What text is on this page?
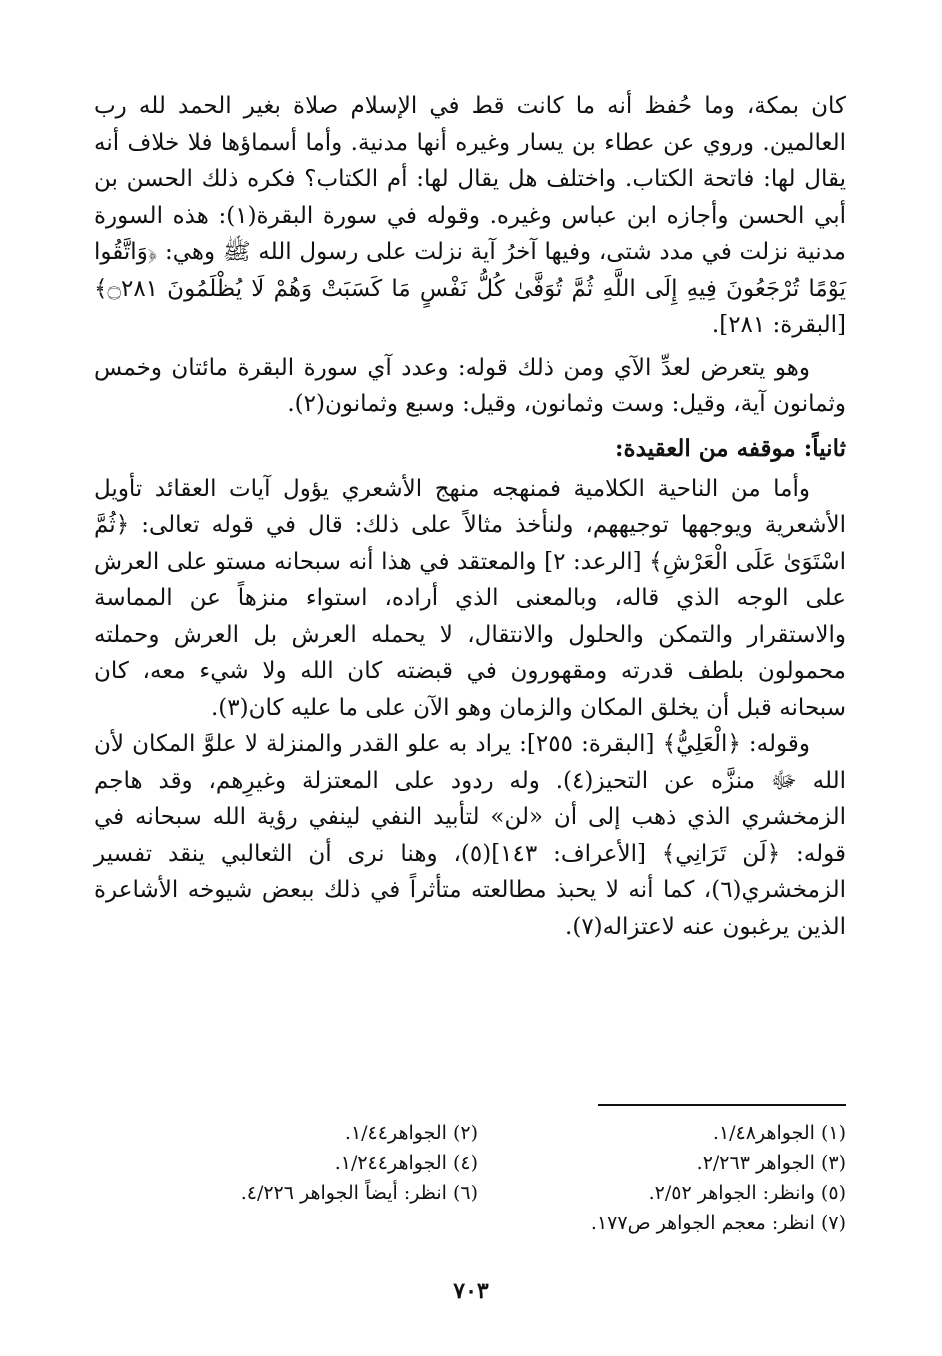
كان بمكة، وما حُفظ أنه ما كانت قط في الإسلام صلاة بغير الحمد لله رب العالمين. وروي عن عطاء بن يسار وغيره أنها مدنية. وأما أسماؤها فلا خلاف أنه يقال لها: فاتحة الكتاب. واختلف هل يقال لها: أم الكتاب؟ فكره ذلك الحسن بن أبي الحسن وأجازه ابن عباس وغيره. وقوله في سورة البقرة(١): هذه السورة مدنية نزلت في مدد شتى، وفيها آخرُ آية نزلت على رسول الله ﷺ وهي: ﴿وَاتَّقُوا يَوْمًا تُرْجَعُونَ فِيهِ إِلَى اللَّهِ ثُمَّ تُوَفَّىٰ كُلُّ نَفْسٍ مَا كَسَبَتْ وَهُمْ لَا يُظْلَمُونَ ۝٢٨١﴾ [البقرة: ٢٨١].

وهو يتعرض لعدِّ الآي ومن ذلك قوله: وعدد آي سورة البقرة مائتان وخمس وثمانون آية، وقيل: وست وثمانون، وقيل: وسبع وثمانون(٢).

ثانياً: موقفه من العقيدة:

وأما من الناحية الكلامية فمنهجه منهج الأشعري يؤول آيات العقائد تأويل الأشعرية ويوجهها توجيههم، ولنأخذ مثالاً على ذلك: قال في قوله تعالى: ﴿ثُمَّ اسْتَوَىٰ عَلَى الْعَرْشِ﴾ [الرعد: ٢] والمعتقد في هذا أنه سبحانه مستو على العرش على الوجه الذي قاله، وبالمعنى الذي أراده، استواء منزهاً عن المماسة والاستقرار والتمكن والحلول والانتقال، لا يحمله العرش بل العرش وحملته محمولون بلطف قدرته ومقهورون في قبضته كان الله ولا شيء معه، كان سبحانه قبل أن يخلق المكان والزمان وهو الآن على ما عليه كان(٣).

وقوله: ﴿الْعَلِيُّ﴾ [البقرة: ٢٥٥]: يراد به علو القدر والمنزلة لا علوَّ المكان لأن الله ﷻ منزَّه عن التحيز(٤). وله ردود على المعتزلة وغيرِهم، وقد هاجم الزمخشري الذي ذهب إلى أن «لن» لتأبيد النفي لينفي رؤية الله سبحانه في قوله: ﴿لَن تَرَانِي﴾ [الأعراف: ١٤٣](٥)، وهنا نرى أن الثعالبي ينقد تفسير الزمخشري(٦)، كما أنه لا يحبذ مطالعته متأثراً في ذلك ببعض شيوخه الأشاعرة الذين يرغبون عنه لاعتزاله(٧).

(١) الجواهر١/٤٨.
(٢) الجواهر١/٤٤.
(٣) الجواهر ٢/٢٦٣.
(٤) الجواهر١/٢٤٤.
(٥) وانظر: الجواهر ٢/٥٢.
(٦) انظر: أيضاً الجواهر ٤/٢٢٦.
(٧) انظر: معجم الجواهر ص١٧٧.
٧٠٣
